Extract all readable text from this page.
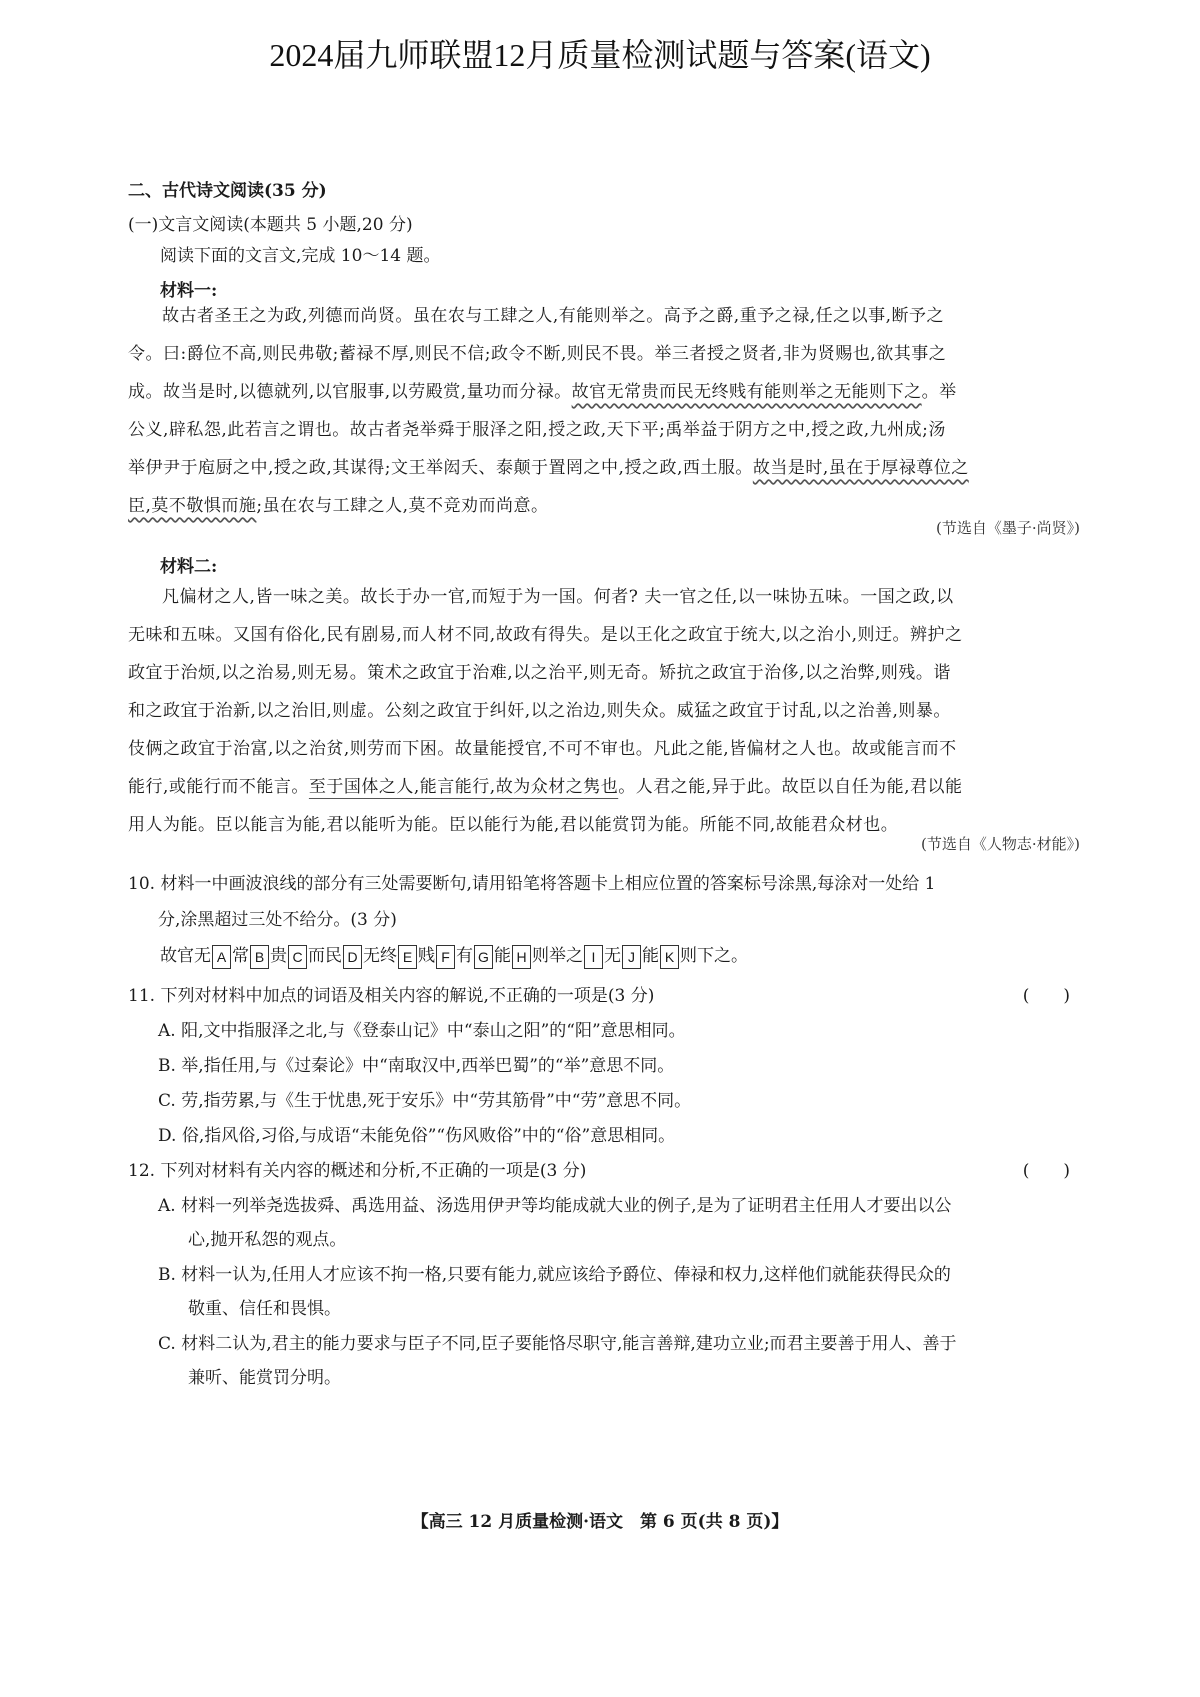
2024届九师联盟12月质量检测试题与答案(语文)
二、古代诗文阅读(35 分)
(一)文言文阅读(本题共 5 小题,20 分)
阅读下面的文言文,完成 10～14 题。
材料一:
故古者圣王之为政,列德而尚贤。虽在农与工肆之人,有能则举之。高予之爵,重予之禄,任之以事,断予之
令。曰:爵位不高,则民弗敬;蓄禄不厚,则民不信;政令不断,则民不畏。举三者授之贤者,非为贤赐也,欲其事之
成。故当是时,以德就列,以官服事,以劳殿赏,量功而分禄。故官无常贵而民无终贱有能则举之无能则下之。举
公义,辟私怨,此若言之谓也。故古者尧举舜于服泽之阳,授之政,天下平;禹举益于阴方之中,授之政,九州成;汤
举伊尹于庖厨之中,授之政,其谋得;文王举闳夭、泰颠于置罔之中,授之政,西土服。故当是时,虽在于厚禄尊位之
臣,莫不敬惧而施;虽在农与工肆之人,莫不竞劝而尚意。
(节选自《墨子·尚贤》)
材料二:
凡偏材之人,皆一味之美。故长于办一官,而短于为一国。何者? 夫一官之任,以一味协五味。一国之政,以
无味和五味。又国有俗化,民有剧易,而人材不同,故政有得失。是以王化之政宜于统大,以之治小,则迂。辨护之
政宜于治烦,以之治易,则无易。策术之政宜于治难,以之治平,则无奇。矫抗之政宜于治侈,以之治弊,则残。谐
和之政宜于治新,以之治旧,则虚。公刻之政宜于纠奸,以之治边,则失众。威猛之政宜于讨乱,以之治善,则暴。
伎俩之政宜于治富,以之治贫,则劳而下困。故量能授官,不可不审也。凡此之能,皆偏材之人也。故或能言而不
能行,或能行而不能言。至于国体之人,能言能行,故为众材之隽也。人君之能,异于此。故臣以自任为能,君以能
用人为能。臣以能言为能,君以能听为能。臣以能行为能,君以能赏罚为能。所能不同,故能君众材也。
(节选自《人物志·材能》)
10. 材料一中画波浪线的部分有三处需要断句,请用铅笔将答题卡上相应位置的答案标号涂黑,每涂对一处给 1
分,涂黑超过三处不给分。(3 分)
故官无 A 常 B 贵 C 而民 D 无终 E 贱 F 有 G 能 H 则举之 I 无 J 能 K 则下之。
11. 下列对材料中加点的词语及相关内容的解说,不正确的一项是(3 分)	(　　)
A. 阳,文中指服泽之北,与《登泰山记》中“泰山之阳”的“阳”意思相同。
B. 举,指任用,与《过秦论》中“南取汉中,西举巴蜀”的“举”意思不同。
C. 劳,指劳累,与《生于忧患,死于安乐》中“劳其筋骨”中“劳”意思不同。
D. 俗,指风俗,习俗,与成语“未能免俗”“伤风败俗”中的“俗”意思相同。
12. 下列对材料有关内容的概述和分析,不正确的一项是(3 分)	(　　)
A. 材料一列举尧选拔舜、禹选用益、汤选用伊尹等均能成就大业的例子,是为了证明君主任用人才要出以公
心,抛开私怨的观点。
B. 材料一认为,任用人才应该不拘一格,只要有能力,就应该给予爵位、俸禄和权力,这样他们就能获得民众的
敬重、信任和畏惧。
C. 材料二认为,君主的能力要求与臣子不同,臣子要能恪尽职守,能言善辩,建功立业;而君主要善于用人、善于
兼听、能赏罚分明。
【高三 12 月质量检测·语文　第 6 页(共 8 页)】
